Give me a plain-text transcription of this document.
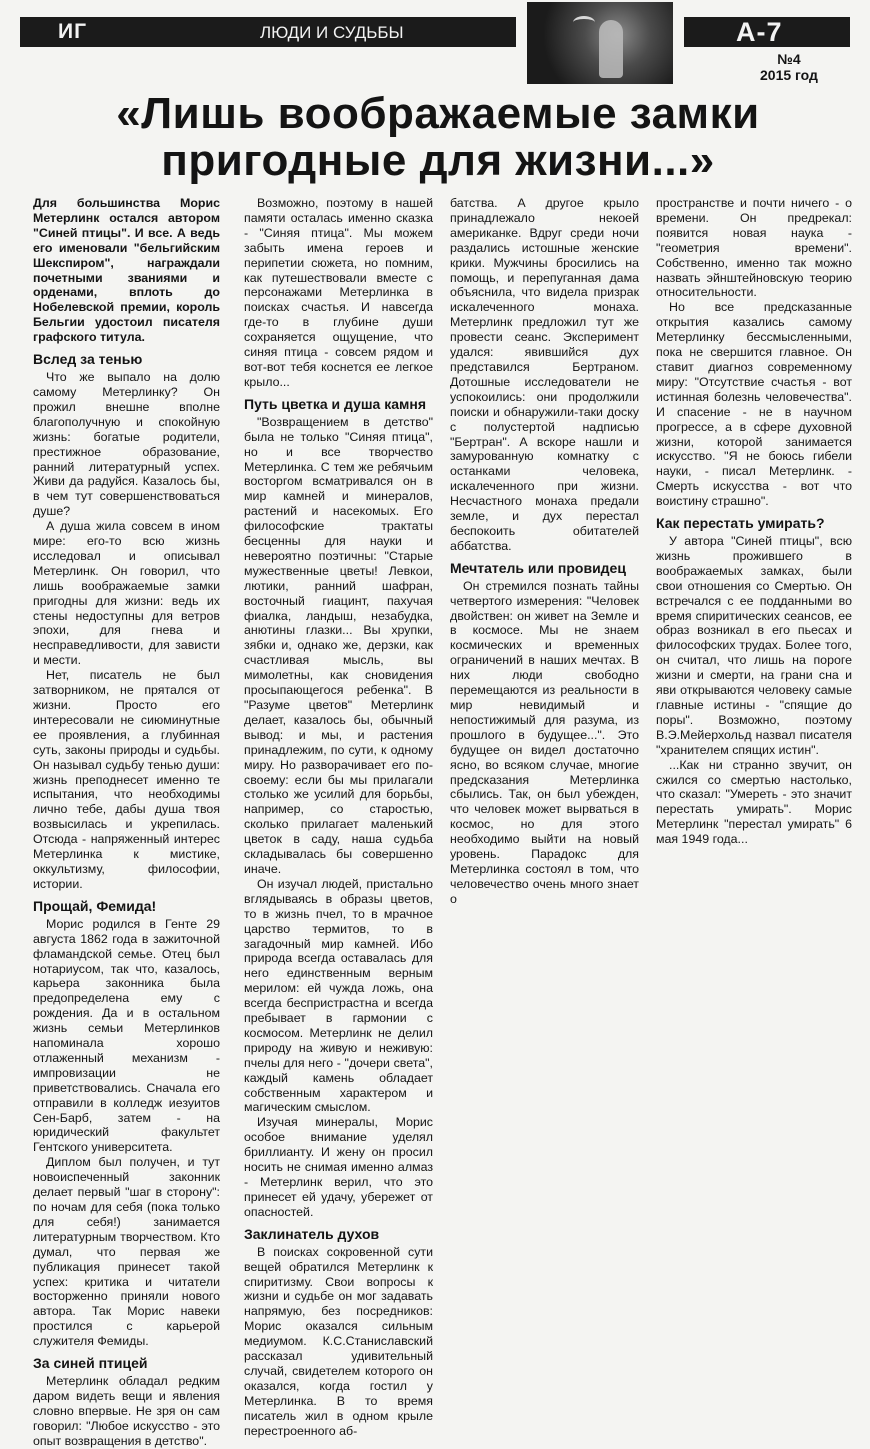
ИГ	ЛЮДИ И СУДЬБЫ	А-7
№4
2015 год
«Лишь воображаемые замки пригодные для жизни...»

Для большинства Морис Метерлинк остался автором "Синей птицы". И все. А ведь его именовали "бельгийским Шекспиром", награждали почетными званиями и орденами, вплоть до Нобелевской премии, король Бельгии удостоил писателя графского титула.

Вслед за тенью

Что же выпало на долю самому Метерлинку? Он прожил внешне вполне благополучную и спокойную жизнь: богатые родители, престижное образование, ранний литературный успех. Живи да радуйся. Казалось бы, в чем тут совершенствоваться душе?

А душа жила совсем в ином мире: его-то всю жизнь исследовал и описывал Метерлинк. Он говорил, что лишь воображаемые замки пригодны для жизни: ведь их стены недоступны для ветров эпохи, для гнева и несправедливости, для зависти и мести.

Нет, писатель не был затворником, не прятался от жизни. Просто его интересовали не сиюминутные ее проявления, а глубинная суть, законы природы и судьбы. Он называл судьбу тенью души: жизнь преподнесет именно те испытания, что необходимы лично тебе, дабы душа твоя возвысилась и укрепилась. Отсюда - напряженный интерес Метерлинка к мистике, оккультизму, философии, истории.

Прощай, Фемида!

Морис родился в Генте 29 августа 1862 года в зажиточной фламандской семье. Отец был нотариусом, так что, казалось, карьера законника была предопределена ему с рождения. Да и в остальном жизнь семьи Метерлинков напоминала хорошо отлаженный механизм - импровизации не приветствовались. Сначала его отправили в колледж иезуитов Сен-Барб, затем - на юридический факультет Гентского университета.

Диплом был получен, и тут новоиспеченный законник делает первый "шаг в сторону": по ночам для себя (пока только для себя!) занимается литературным творчеством. Кто думал, что первая же публикация принесет такой успех: критика и читатели восторженно приняли нового автора. Так Морис навеки простился с карьерой служителя Фемиды.

За синей птицей

Метерлинк обладал редким даром видеть вещи и явления словно впервые. Не зря он сам говорил: "Любое искусство - это опыт возвращения в детство".

Возможно, поэтому в нашей памяти осталась именно сказка - "Синяя птица". Мы можем забыть имена героев и перипетии сюжета, но помним, как путешествовали вместе с персонажами Метерлинка в поисках счастья. И навсегда где-то в глубине души сохраняется ощущение, что синяя птица - совсем рядом и вот-вот тебя коснется ее легкое крыло...

Путь цветка и душа камня

"Возвращением в детство" была не только "Синяя птица", но и все творчество Метерлинка. С тем же ребячьим восторгом всматривался он в мир камней и минералов, растений и насекомых. Его философские трактаты бесценны для науки и невероятно поэтичны: "Старые мужественные цветы! Левкои, лютики, ранний шафран, восточный гиацинт, пахучая фиалка, ландыш, незабудка, анютины глазки... Вы хрупки, зябки и, однако же, дерзки, как счастливая мысль, вы мимолетны, как сновидения просыпающегося ребенка". В "Разуме цветов" Метерлинк делает, казалось бы, обычный вывод: и мы, и растения принадлежим, по сути, к одному миру. Но разворачивает его по-своему: если бы мы прилагали столько же усилий для борьбы, например, со старостью, сколько прилагает маленький цветок в саду, наша судьба складывалась бы совершенно иначе.

Он изучал людей, пристально вглядываясь в образы цветов, то в жизнь пчел, то в мрачное царство термитов, то в загадочный мир камней. Ибо природа всегда оставалась для него единственным верным мерилом: ей чужда ложь, она всегда беспристрастна и всегда пребывает в гармонии с космосом. Метерлинк не делил природу на живую и неживую: пчелы для него - "дочери света", каждый камень обладает собственным характером и магическим смыслом.

Изучая минералы, Морис особое внимание уделял бриллианту. И жену он просил носить не снимая именно алмаз - Метерлинк верил, что это принесет ей удачу, убережет от опасностей.

Заклинатель духов

В поисках сокровенной сути вещей обратился Метерлинк к спиритизму. Свои вопросы к жизни и судьбе он мог задавать напрямую, без посредников: Морис оказался сильным медиумом. К.С.Станиславский рассказал удивительный случай, свидетелем которого он оказался, когда гостил у Метерлинка. В то время писатель жил в одном крыле перестроенного аб-

батства. А другое крыло принадлежало некоей американке. Вдруг среди ночи раздались истошные женские крики. Мужчины бросились на помощь, и перепуганная дама объяснила, что видела призрак искалеченного монаха. Метерлинк предложил тут же провести сеанс. Эксперимент удался: явившийся дух представился Бертраном. Дотошные исследователи не успокоились: они продолжили поиски и обнаружили-таки доску с полустертой надписью "Бертран". А вскоре нашли и замурованную комнатку с останками человека, искалеченного при жизни. Несчастного монаха предали земле, и дух перестал беспокоить обитателей аббатства.

Мечтатель или провидец

Он стремился познать тайны четвертого измерения: "Человек двойствен: он живет на Земле и в космосе. Мы не знаем космических и временных ограничений в наших мечтах. В них люди свободно перемещаются из реальности в мир невидимый и непостижимый для разума, из прошлого в будущее...". Это будущее он видел достаточно ясно, во всяком случае, многие предсказания Метерлинка сбылись. Так, он был убежден, что человек может вырваться в космос, но для этого необходимо выйти на новый уровень. Парадокс для Метерлинка состоял в том, что человечество очень много знает о

пространстве и почти ничего - о времени. Он предрекал: появится новая наука - "геометрия времени". Собственно, именно так можно назвать эйнштейновскую теорию относительности.

Но все предсказанные открытия казались самому Метерлинку бессмысленными, пока не свершится главное. Он ставит диагноз современному миру: "Отсутствие счастья - вот истинная болезнь человечества". И спасение - не в научном прогрессе, а в сфере духовной жизни, которой занимается искусство. "Я не боюсь гибели науки, - писал Метерлинк. - Смерть искусства - вот что воистину страшно".

Как перестать умирать?

У автора "Синей птицы", всю жизнь прожившего в воображаемых замках, были свои отношения со Смертью. Он встречался с ее подданными во время спиритических сеансов, ее образ возникал в его пьесах и философских трудах. Более того, он считал, что лишь на пороге жизни и смерти, на грани сна и яви открываются человеку самые главные истины - "спящие до поры". Возможно, поэтому В.Э.Мейерхольд назвал писателя "хранителем спящих истин".

...Как ни странно звучит, он сжился со смертью настолько, что сказал: "Умереть - это значит перестать умирать". Морис Метерлинк "перестал умирать" 6 мая 1949 года...
